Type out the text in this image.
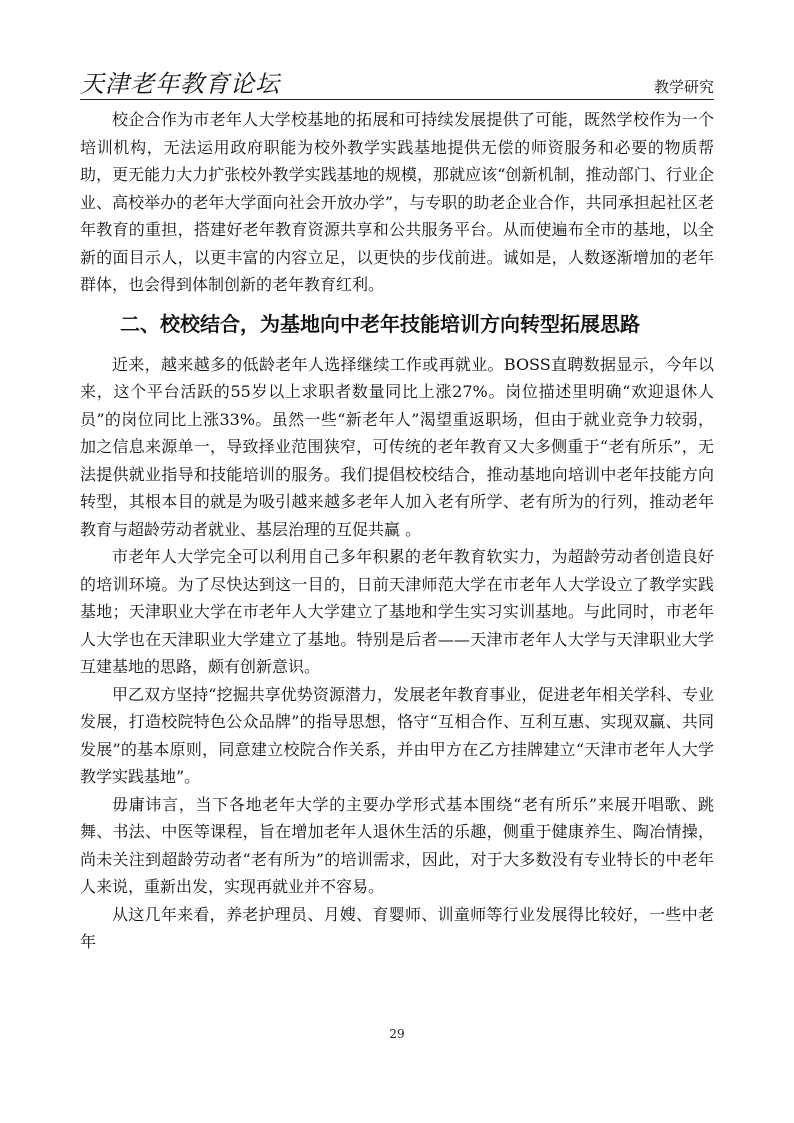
天津老年教育论坛	教学研究

校企合作为市老年人大学校基地的拓展和可持续发展提供了可能，既然学校作为一个培训机构，无法运用政府职能为校外教学实践基地提供无偿的师资服务和必要的物质帮助，更无能力大力扩张校外教学实践基地的规模，那就应该“创新机制，推动部门、行业企业、高校举办的老年大学面向社会开放办学”，与专职的助老企业合作，共同承担起社区老年教育的重担，搭建好老年教育资源共享和公共服务平台。从而使遍布全市的基地，以全新的面目示人，以更丰富的内容立足，以更快的步伐前进。诚如是，人数逐渐增加的老年群体，也会得到体制创新的老年教育红利。

二、校校结合，为基地向中老年技能培训方向转型拓展思路

近来，越来越多的低龄老年人选择继续工作或再就业。BOSS直聘数据显示，今年以来，这个平台活跃的55岁以上求职者数量同比上涨27%。岗位描述里明确“欢迎退休人员”的岗位同比上涨33%。虽然一些“新老年人”渴望重返职场，但由于就业竞争力较弱，加之信息来源单一，导致择业范围狭窄，可传统的老年教育又大多侧重于“老有所乐”，无法提供就业指导和技能培训的服务。我们提倡校校结合，推动基地向培训中老年技能方向转型，其根本目的就是为吸引越来越多老年人加入老有所学、老有所为的行列，推动老年教育与超龄劳动者就业、基层治理的互促共赢 。

市老年人大学完全可以利用自己多年积累的老年教育软实力，为超龄劳动者创造良好的培训环境。为了尽快达到这一目的，日前天津师范大学在市老年人大学设立了教学实践基地；天津职业大学在市老年人大学建立了基地和学生实习实训基地。与此同时，市老年人大学也在天津职业大学建立了基地。特别是后者——天津市老年人大学与天津职业大学互建基地的思路，颇有创新意识。

甲乙双方坚持“挖掘共享优势资源潜力，发展老年教育事业，促进老年相关学科、专业发展，打造校院特色公众品牌”的指导思想，恪守“互相合作、互利互惠、实现双赢、共同发展”的基本原则，同意建立校院合作关系，并由甲方在乙方挂牌建立“天津市老年人大学教学实践基地”。

毋庸讳言，当下各地老年大学的主要办学形式基本围绕“老有所乐”来展开唱歌、跳舞、书法、中医等课程，旨在增加老年人退休生活的乐趣，侧重于健康养生、陶冶情操，尚未关注到超龄劳动者“老有所为”的培训需求，因此，对于大多数没有专业特长的中老年人来说，重新出发，实现再就业并不容易。

从这几年来看，养老护理员、月嫂、育婴师、训童师等行业发展得比较好，一些中老年

29
